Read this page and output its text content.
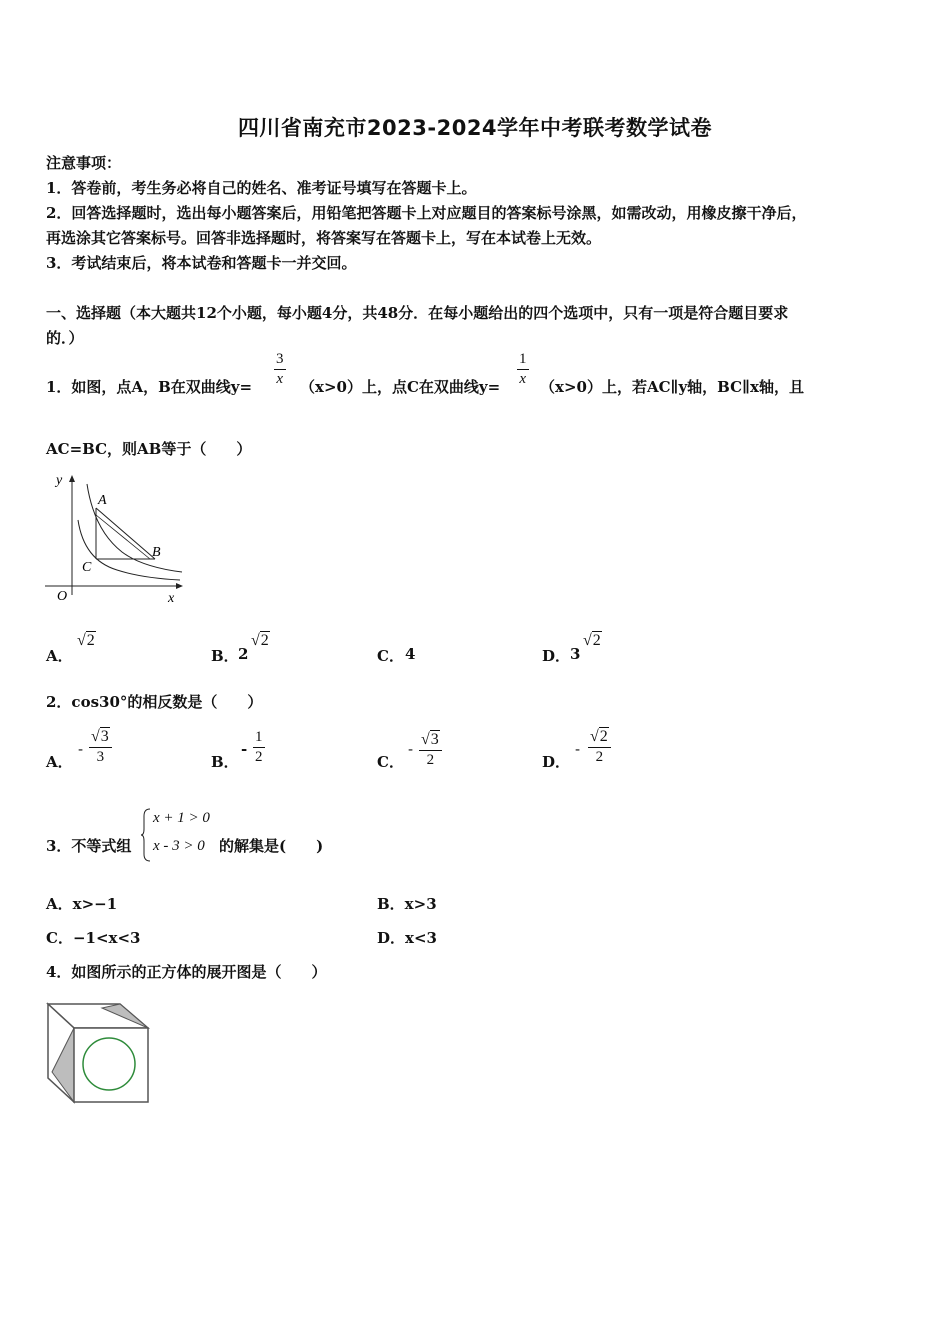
四川省南充市2023-2024学年中考联考数学试卷
注意事项：
1．答卷前，考生务必将自己的姓名、准考证号填写在答题卡上。
2．回答选择题时，选出每小题答案后，用铅笔把答题卡上对应题目的答案标号涂黑，如需改动，用橡皮擦干净后，
再选涂其它答案标号。回答非选择题时，将答案写在答题卡上，写在本试卷上无效。
3．考试结束后，将本试卷和答题卡一并交回。
一、选择题（本大题共12个小题，每小题4分，共48分．在每小题给出的四个选项中，只有一项是符合题目要求
的．）
1．如图，点A，B在双曲线y=
3
x （x>0）上，点C在双曲线y=
1
x （x>0）上，若AC∥y轴，BC∥x轴，且
AC=BC，则AB等于（　　）
y
x
O
A
B
C
A．
√2
B． 2
√2
C． 4	D． 3
√2
2．cos30°的相反数是（　　）
A．
-
√3
3	B．
-
1
2	C．
-
√3
2	D．
-
√2
2
3．不等式组
x + 1 > 0
x - 3 > 0 的解集是(　　)
A．x>−1	B．x>3
C．−1<x<3	D．x<3
4．如图所示的正方体的展开图是（　　）
